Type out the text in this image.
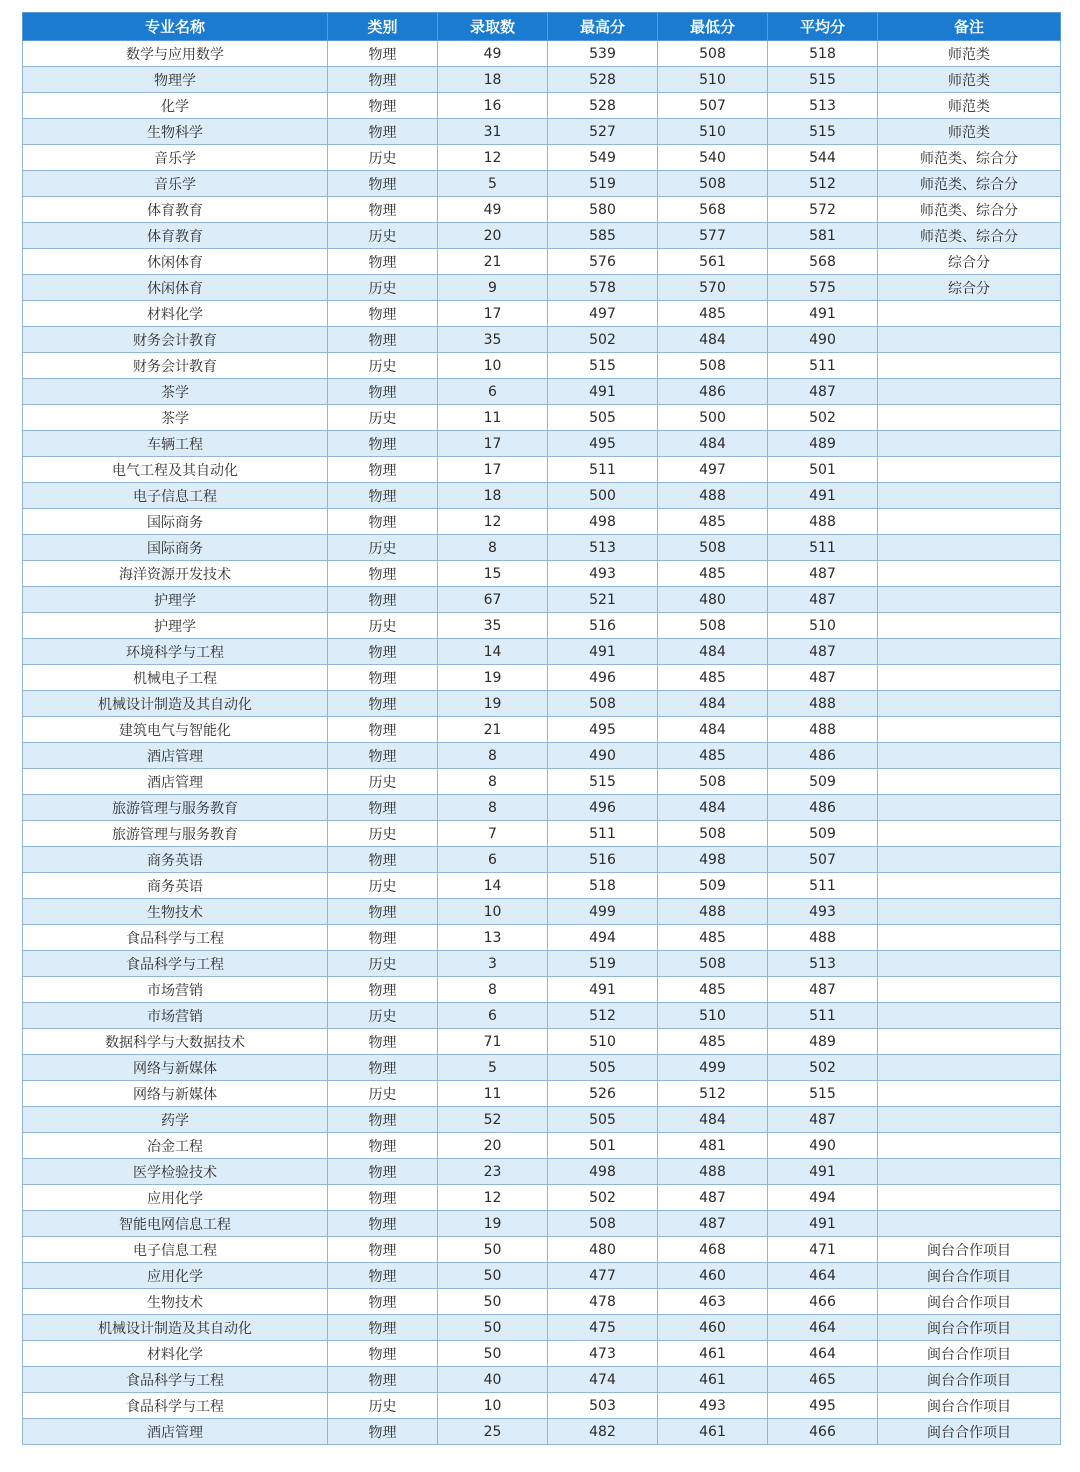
专业名称	类别	录取数	最高分	最低分	平均分	备注
数学与应用数学	物理	49	539	508	518	师范类
物理学	物理	18	528	510	515	师范类
化学	物理	16	528	507	513	师范类
生物科学	物理	31	527	510	515	师范类
音乐学	历史	12	549	540	544	师范类、综合分
音乐学	物理	5	519	508	512	师范类、综合分
体育教育	物理	49	580	568	572	师范类、综合分
体育教育	历史	20	585	577	581	师范类、综合分
休闲体育	物理	21	576	561	568	综合分
休闲体育	历史	9	578	570	575	综合分
材料化学	物理	17	497	485	491	
财务会计教育	物理	35	502	484	490	
财务会计教育	历史	10	515	508	511	
茶学	物理	6	491	486	487	
茶学	历史	11	505	500	502	
车辆工程	物理	17	495	484	489	
电气工程及其自动化	物理	17	511	497	501	
电子信息工程	物理	18	500	488	491	
国际商务	物理	12	498	485	488	
国际商务	历史	8	513	508	511	
海洋资源开发技术	物理	15	493	485	487	
护理学	物理	67	521	480	487	
护理学	历史	35	516	508	510	
环境科学与工程	物理	14	491	484	487	
机械电子工程	物理	19	496	485	487	
机械设计制造及其自动化	物理	19	508	484	488	
建筑电气与智能化	物理	21	495	484	488	
酒店管理	物理	8	490	485	486	
酒店管理	历史	8	515	508	509	
旅游管理与服务教育	物理	8	496	484	486	
旅游管理与服务教育	历史	7	511	508	509	
商务英语	物理	6	516	498	507	
商务英语	历史	14	518	509	511	
生物技术	物理	10	499	488	493	
食品科学与工程	物理	13	494	485	488	
食品科学与工程	历史	3	519	508	513	
市场营销	物理	8	491	485	487	
市场营销	历史	6	512	510	511	
数据科学与大数据技术	物理	71	510	485	489	
网络与新媒体	物理	5	505	499	502	
网络与新媒体	历史	11	526	512	515	
药学	物理	52	505	484	487	
冶金工程	物理	20	501	481	490	
医学检验技术	物理	23	498	488	491	
应用化学	物理	12	502	487	494	
智能电网信息工程	物理	19	508	487	491	
电子信息工程	物理	50	480	468	471	闽台合作项目
应用化学	物理	50	477	460	464	闽台合作项目
生物技术	物理	50	478	463	466	闽台合作项目
机械设计制造及其自动化	物理	50	475	460	464	闽台合作项目
材料化学	物理	50	473	461	464	闽台合作项目
食品科学与工程	物理	40	474	461	465	闽台合作项目
食品科学与工程	历史	10	503	493	495	闽台合作项目
酒店管理	物理	25	482	461	466	闽台合作项目
